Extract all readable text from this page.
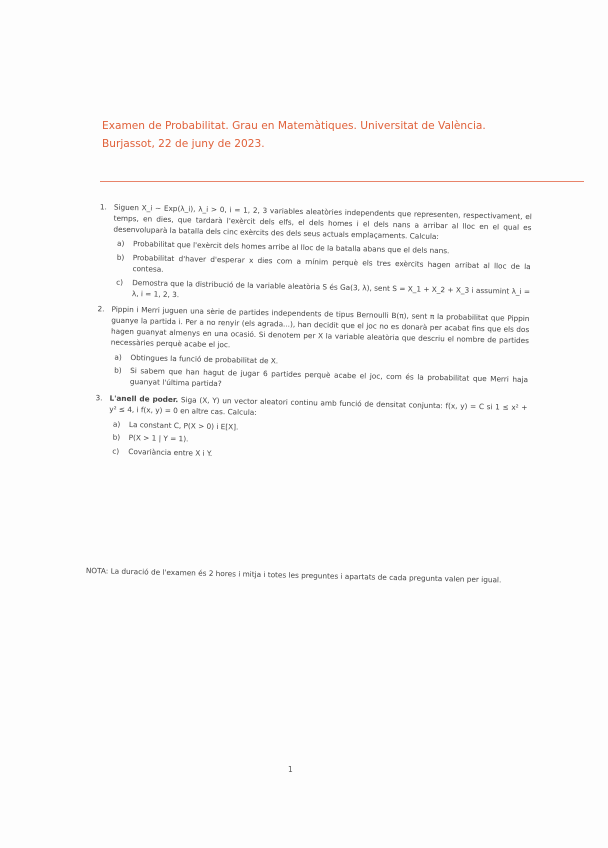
Examen de Probabilitat. Grau en Matemàtiques. Universitat de València.
Burjassot, 22 de juny de 2023.
1. Siguen X_i ∼ Exp(λ_i), λ_i > 0, i = 1, 2, 3 variables aleatòries independents que representen, respectivament, el temps, en dies, que tardarà l'exèrcit dels elfs, el dels homes i el dels nans a arribar al lloc en el qual es desenvoluparà la batalla dels cinc exèrcits des dels seus actuals emplaçaments. Calcula:

a) Probabilitat que l'exèrcit dels homes arribe al lloc de la batalla abans que el dels nans.
b) Probabilitat d'haver d'esperar x dies com a mínim perquè els tres exèrcits hagen arribat al lloc de la contesa.
c) Demostra que la distribució de la variable aleatòria S és Ga(3, λ), sent S = X_1 + X_2 + X_3 i assumint λ_i = λ, i = 1, 2, 3.
2. Pippin i Merri juguen una sèrie de partides independents de tipus Bernoulli B(π), sent π la probabilitat que Pippin guanye la partida i. Per a no renyir (els agrada...), han decidit que el joc no es donarà per acabat fins que els dos hagen guanyat almenys en una ocasió. Si denotem per X la variable aleatòria que descriu el nombre de partides necessàries perquè acabe el joc.

a) Obtingues la funció de probabilitat de X.
b) Si sabem que han hagut de jugar 6 partides perquè acabe el joc, com és la probabilitat que Merri haja guanyat l'última partida?
3. L'anell de poder. Siga (X, Y) un vector aleatori continu amb funció de densitat conjunta: f(x, y) = C si 1 ≤ x² + y² ≤ 4, i f(x, y) = 0 en altre cas. Calcula:

a) La constant C, P(X > 0) i E[X].
b) P(X > 1 | Y = 1).
c) Covariància entre X i Y.
NOTA: La duració de l'examen és 2 hores i mitja i totes les preguntes i apartats de cada pregunta valen per igual.
1
